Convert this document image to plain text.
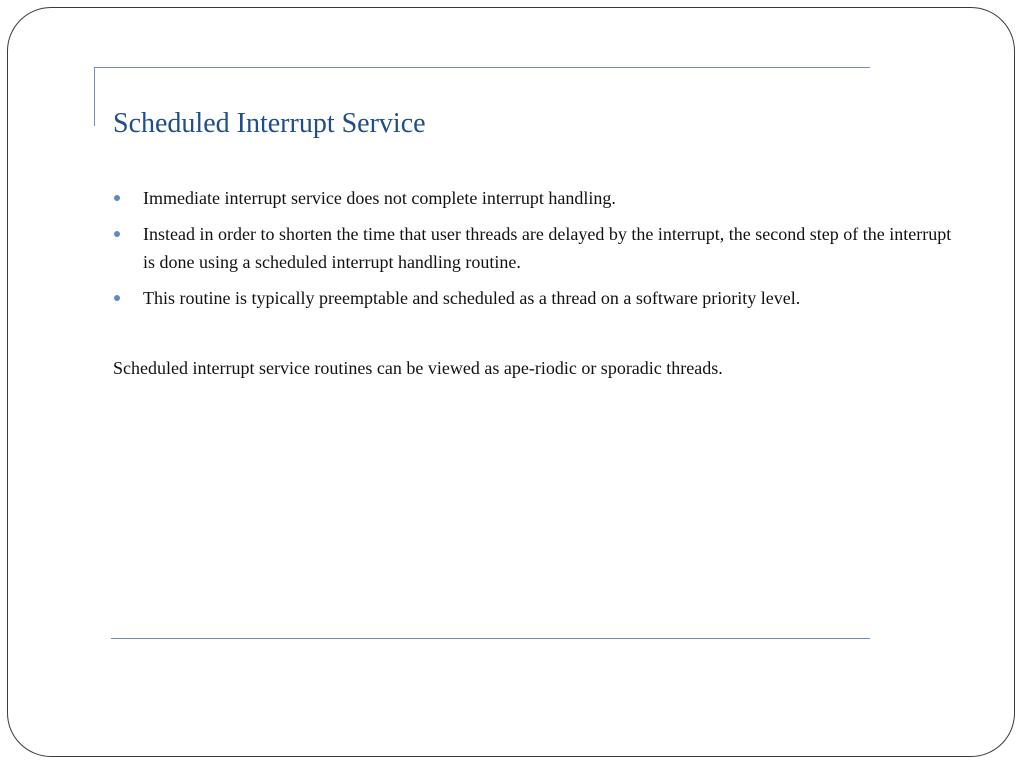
Scheduled Interrupt Service
Immediate interrupt service does not complete interrupt handling.
Instead in order to shorten the time that user threads are delayed by the interrupt, the second step of the interrupt is done using a scheduled interrupt handling routine.
This routine is typically preemptable and scheduled as a thread on a software priority level.

Scheduled interrupt service routines can be viewed as ape-riodic or sporadic threads.
